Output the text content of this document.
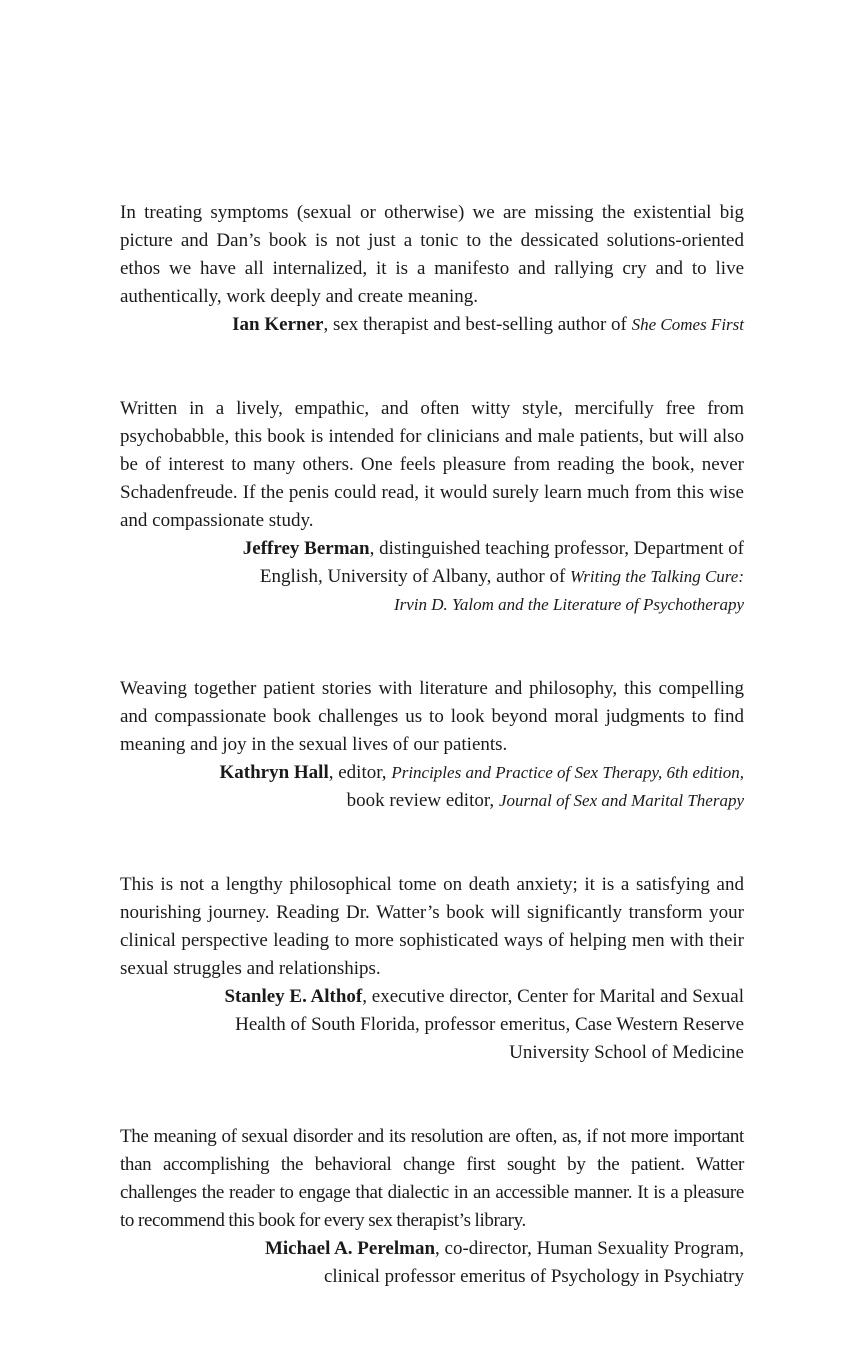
In treating symptoms (sexual or otherwise) we are missing the existential big picture and Dan’s book is not just a tonic to the dessicated solutions-oriented ethos we have all internalized, it is a manifesto and rallying cry and to live authentically, work deeply and create meaning.

Ian Kerner, sex therapist and best-selling author of She Comes First

Written in a lively, empathic, and often witty style, mercifully free from psychobabble, this book is intended for clinicians and male patients, but will also be of interest to many others. One feels pleasure from reading the book, never Schadenfreude. If the penis could read, it would surely learn much from this wise and compassionate study.

Jeffrey Berman, distinguished teaching professor, Department of
English, University of Albany, author of Writing the Talking Cure:
Irvin D. Yalom and the Literature of Psychotherapy

Weaving together patient stories with literature and philosophy, this compelling and compassionate book challenges us to look beyond moral judgments to find meaning and joy in the sexual lives of our patients.

Kathryn Hall, editor, Principles and Practice of Sex Therapy, 6th edition,
book review editor, Journal of Sex and Marital Therapy

This is not a lengthy philosophical tome on death anxiety; it is a satisfying and nourishing journey. Reading Dr. Watter’s book will significantly transform your clinical perspective leading to more sophisticated ways of helping men with their sexual struggles and relationships.

Stanley E. Althof, executive director, Center for Marital and Sexual
Health of South Florida, professor emeritus, Case Western Reserve
University School of Medicine

The meaning of sexual disorder and its resolution are often, as, if not more important than accomplishing the behavioral change first sought by the patient. Watter challenges the reader to engage that dialectic in an accessible manner. It is a pleasure to recommend this book for every sex therapist’s library.

Michael A. Perelman, co-director, Human Sexuality Program,
clinical professor emeritus of Psychology in Psychiatry
